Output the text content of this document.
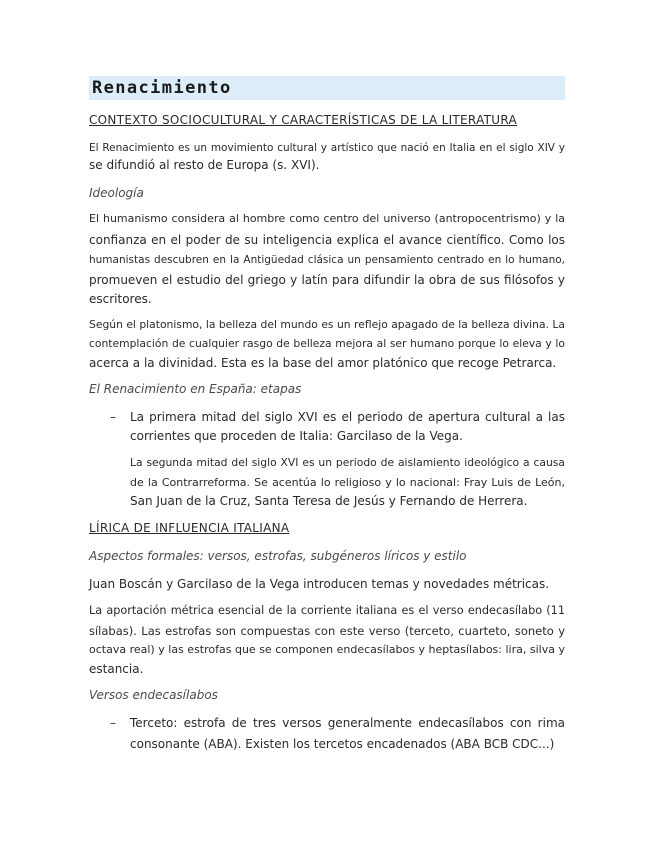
Renacimiento
CONTEXTO SOCIOCULTURAL Y CARACTERÍSTICAS DE LA LITERATURA
El Renacimiento es un movimiento cultural y artístico que nació en Italia en el siglo XIV y
se difundió al resto de Europa (s. XVI).
Ideología
El humanismo considera al hombre como centro del universo (antropocentrismo) y la
confianza en el poder de su inteligencia explica el avance científico. Como los
humanistas descubren en la Antigüedad clásica un pensamiento centrado en lo humano,
promueven el estudio del griego y latín para difundir la obra de sus filósofos y
escritores.
Según el platonismo, la belleza del mundo es un reflejo apagado de la belleza divina. La
contemplación de cualquier rasgo de belleza mejora al ser humano porque lo eleva y lo
acerca a la divinidad. Esta es la base del amor platónico que recoge Petrarca.
El Renacimiento en España: etapas
– La primera mitad del siglo XVI es el periodo de apertura cultural a las
corrientes que proceden de Italia: Garcilaso de la Vega.
La segunda mitad del siglo XVI es un periodo de aislamiento ideológico a causa
de la Contrarreforma. Se acentúa lo religioso y lo nacional: Fray Luis de León,
San Juan de la Cruz, Santa Teresa de Jesús y Fernando de Herrera.
LÍRICA DE INFLUENCIA ITALIANA
Aspectos formales: versos, estrofas, subgéneros líricos y estilo
Juan Boscán y Garcilaso de la Vega introducen temas y novedades métricas.
La aportación métrica esencial de la corriente italiana es el verso endecasílabo (11
sílabas). Las estrofas son compuestas con este verso (terceto, cuarteto, soneto y
octava real) y las estrofas que se componen endecasílabos y heptasílabos: lira, silva y
estancia.
Versos endecasílabos
– Terceto: estrofa de tres versos generalmente endecasílabos con rima
consonante (ABA). Existen los tercetos encadenados (ABA BCB CDC...)
